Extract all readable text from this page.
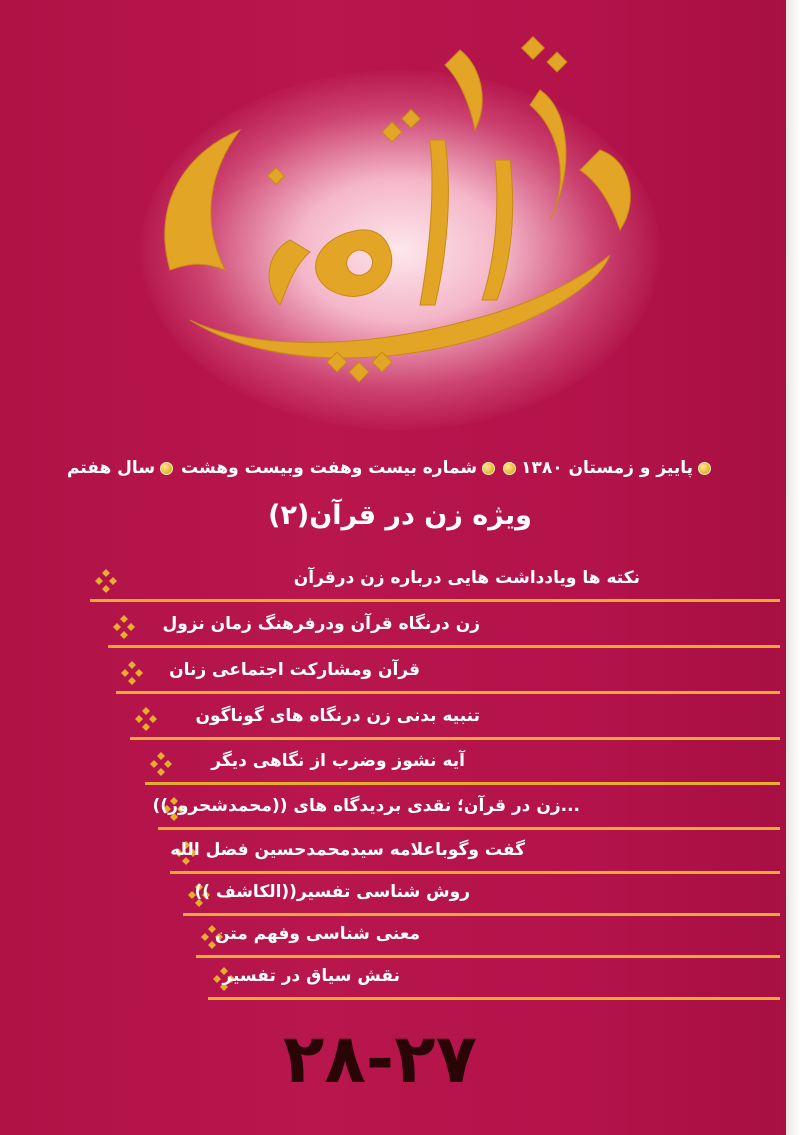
سال هفتم شماره بیست وهفت وبیست وهشت	پاییز و زمستان ۱۳۸۰
ویژه زن در قرآن(۲)
نکته ها ویادداشت هایی درباره زن درقرآن
زن درنگاه قرآن ودرفرهنگ زمان نزول
قرآن ومشارکت اجتماعی زنان
تنبیه بدنی زن درنگاه های گوناگون
آیه نشوز وضرب از نگاهی دیگر
...زن در قرآن؛ نقدی بردیدگاه های ((محمدشحرور))
گفت وگوباعلامه سیدمحمدحسین فضل الله
روش شناسی تفسیر((الکاشف ))
معنی شناسی وفهم متن
نقش سیاق در تفسیر
۲۸-۲۷
